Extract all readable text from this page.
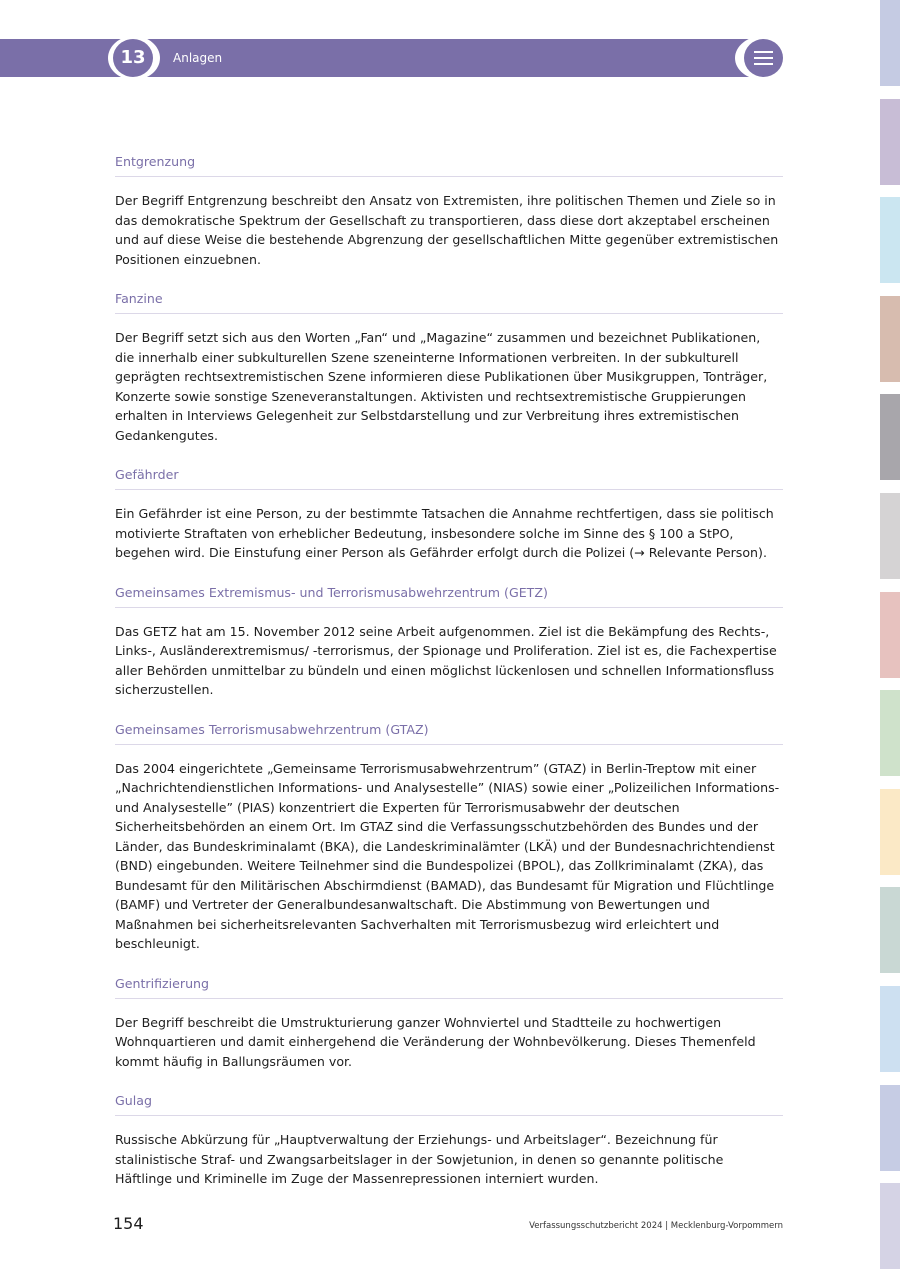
13	Anlagen
Entgrenzung

Der Begriff Entgrenzung beschreibt den Ansatz von Extremisten, ihre politischen Themen und Ziele so in das demokratische Spektrum der Gesellschaft zu transportieren, dass diese dort akzeptabel erscheinen und auf diese Weise die bestehende Abgrenzung der gesellschaftlichen Mitte gegenüber extremistischen Positionen einzuebnen.

Fanzine

Der Begriff setzt sich aus den Worten „Fan“ und „Magazine“ zusammen und bezeichnet Publikationen, die innerhalb einer subkulturellen Szene szeneinterne Informationen verbreiten. In der subkulturell geprägten rechtsextremistischen Szene informieren diese Publikationen über Musikgruppen, Tonträger, Konzerte sowie sonstige Szeneveranstaltungen. Aktivisten und rechtsextremistische Gruppierungen erhalten in Interviews Gelegenheit zur Selbstdarstellung und zur Verbreitung ihres extremistischen Gedankengutes.

Gefährder

Ein Gefährder ist eine Person, zu der bestimmte Tatsachen die Annahme rechtfertigen, dass sie politisch motivierte Straftaten von erheblicher Bedeutung, insbesondere solche im Sinne des § 100 a StPO, begehen wird. Die Einstufung einer Person als Gefährder erfolgt durch die Polizei (→ Relevante Person).

Gemeinsames Extremismus- und Terrorismusabwehrzentrum (GETZ)

Das GETZ hat am 15. November 2012 seine Arbeit aufgenommen. Ziel ist die Bekämpfung des Rechts-, Links-, Ausländerextremismus/ -terrorismus, der Spionage und Proliferation. Ziel ist es, die Fachexpertise aller Behörden unmittelbar zu bündeln und einen möglichst lückenlosen und schnellen Informationsfluss sicherzustellen.

Gemeinsames Terrorismusabwehrzentrum (GTAZ)

Das 2004 eingerichtete „Gemeinsame Terrorismusabwehrzentrum” (GTAZ) in Berlin-Treptow mit einer „Nachrichtendienstlichen Informations- und Analysestelle” (NIAS) sowie einer „Polizeilichen Informations- und Analysestelle” (PIAS) konzentriert die Experten für Terrorismusabwehr der deutschen Sicherheitsbehörden an einem Ort. Im GTAZ sind die Verfassungsschutzbehörden des Bundes und der Länder, das Bundeskriminalamt (BKA), die Landeskriminalämter (LKÄ) und der Bundesnachrichtendienst (BND) eingebunden. Weitere Teilnehmer sind die Bundespolizei (BPOL), das Zollkriminalamt (ZKA), das Bundesamt für den Militärischen Abschirmdienst (BAMAD), das Bundesamt für Migration und Flüchtlinge (BAMF) und Vertreter der Generalbundesanwaltschaft. Die Abstimmung von Bewertungen und Maßnahmen bei sicherheitsrelevanten Sachverhalten mit Terrorismusbezug wird erleichtert und beschleunigt.

Gentrifizierung

Der Begriff beschreibt die Umstrukturierung ganzer Wohnviertel und Stadtteile zu hochwertigen Wohnquartieren und damit einhergehend die Veränderung der Wohnbevölkerung. Dieses Themenfeld kommt häufig in Ballungsräumen vor.

Gulag

Russische Abkürzung für „Hauptverwaltung der Erziehungs- und Arbeitslager“. Bezeichnung für stalinistische Straf- und Zwangsarbeitslager in der Sowjetunion, in denen so genannte politische Häftlinge und Kriminelle im Zuge der Massenrepressionen interniert wurden.

154	Verfassungsschutzbericht 2024 | Mecklenburg-Vorpommern
